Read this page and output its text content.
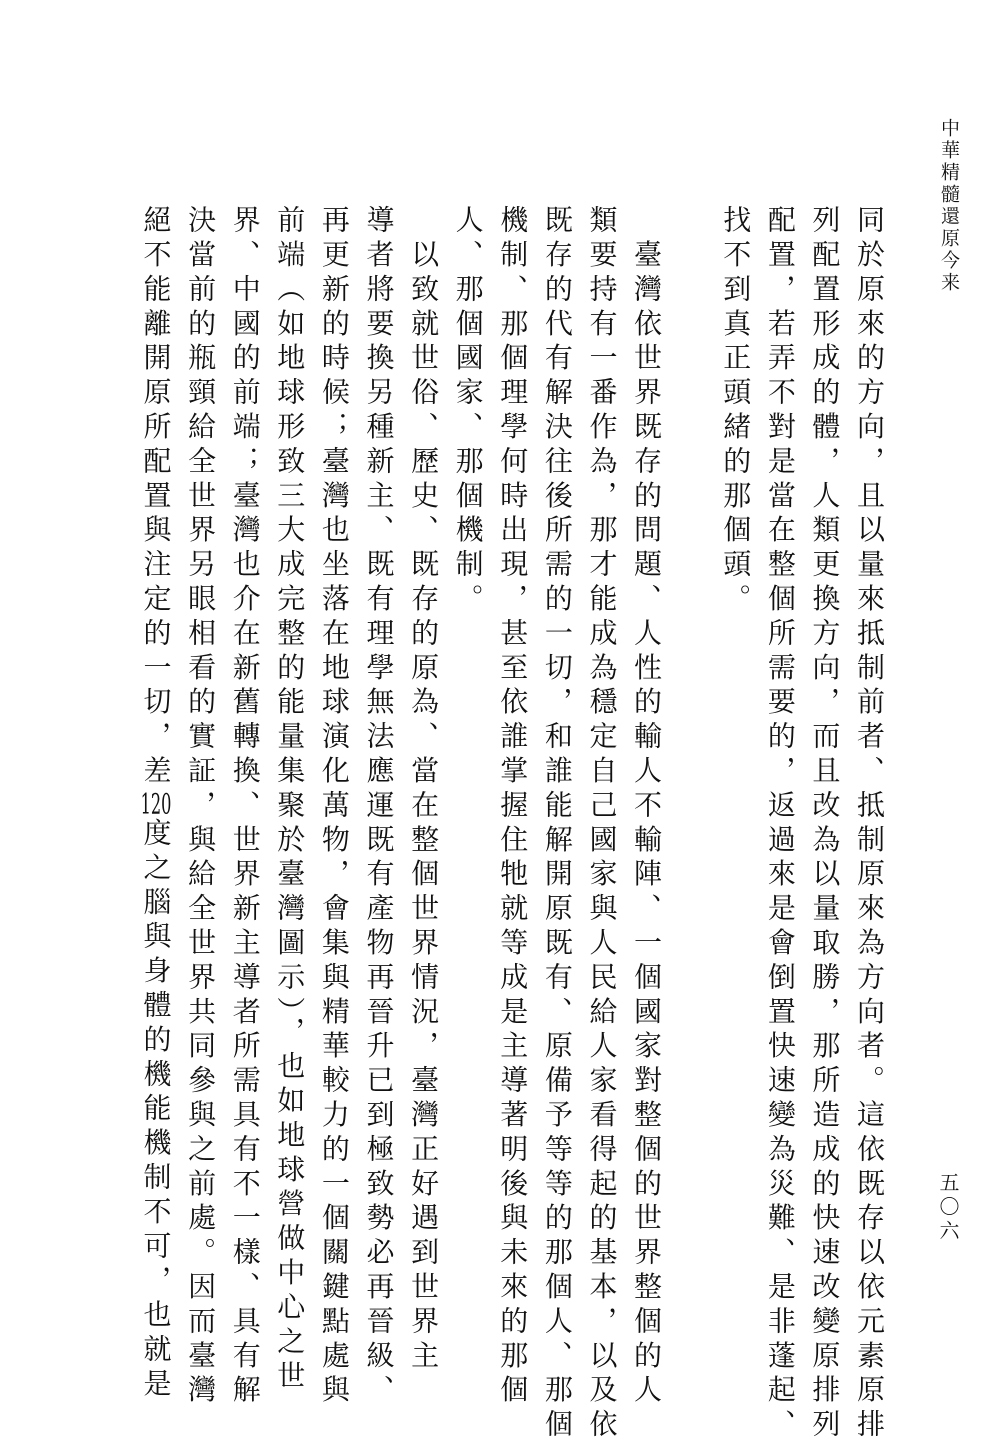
中華精髓還原今来
同於原來的方向，且以量來抵制前者、抵制原來為方向者。這依既存以依元素原排
列配置形成的體，人類更換方向，而且改為以量取勝，那所造成的快速改變原排列
配置，若弄不對是當在整個所需要的，返過來是會倒置快速變為災難、是非蓬起、
找不到真正頭緒的那個頭。
　臺灣依世界既存的問題、人性的輸人不輸陣、一個國家對整個的世界整個的人
類要持有一番作為，那才能成為穩定自己國家與人民給人家看得起的基本，以及依
既存的代有解決往後所需的一切，和誰能解開原既有、原備予等等的那個人、那個
機制、那個理學何時出現，甚至依誰掌握住牠就等成是主導著明後與未來的那個
人、那個國家、那個機制。
　以致就世俗、歷史、既存的原為、當在整個世界情況，臺灣正好遇到世界主
導者將要換另種新主、既有理學無法應運既有產物再晉升已到極致勢必再晉級、
再更新的時候；臺灣也坐落在地球演化萬物，會集與精華較力的一個關鍵點處與
前端（如地球形致三大成完整的能量集聚於臺灣圖示），也如地球營做中心之世
界、中國的前端；臺灣也介在新舊轉換、世界新主導者所需具有不一樣、具有解
決當前的瓶頸給全世界另眼相看的實証，與給全世界共同參與之前處。因而臺灣
絕不能離開原所配置與注定的一切，差120度之腦與身體的機能機制不可，也就是	五〇六
